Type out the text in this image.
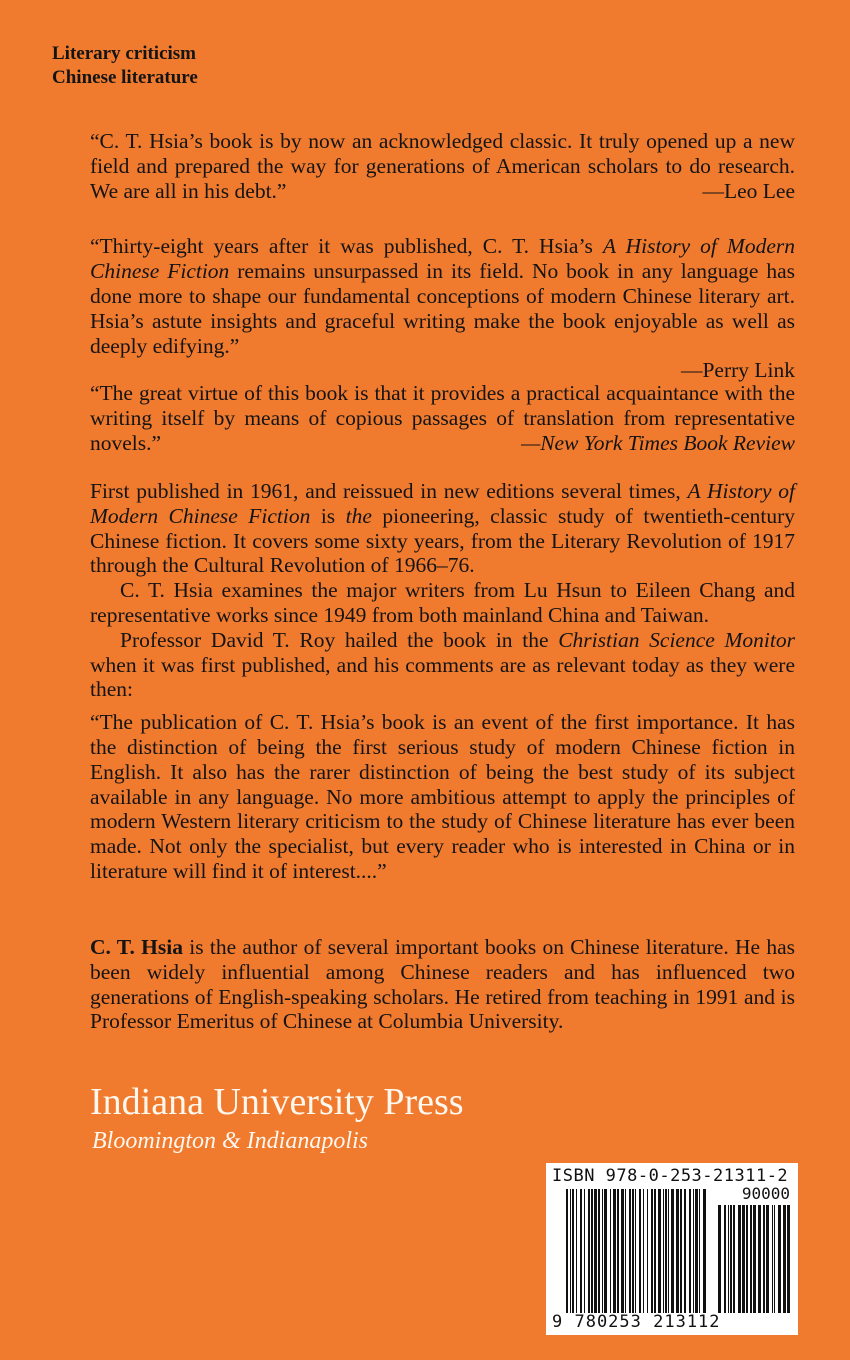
Literary criticism
Chinese literature

“C. T. Hsia’s book is by now an acknowledged classic. It truly opened up a new field and prepared the way for generations of American scholars to do research. We are all in his debt.”	—Leo Lee

“Thirty-eight years after it was published, C. T. Hsia’s A History of Modern Chinese Fiction remains unsurpassed in its field. No book in any language has done more to shape our fundamental conceptions of modern Chinese literary art. Hsia’s astute insights and graceful writing make the book enjoyable as well as deeply edifying.”
—Perry Link

“The great virtue of this book is that it provides a practical acquaintance with the writing itself by means of copious passages of translation from representative novels.”	—New York Times Book Review

First published in 1961, and reissued in new editions several times, A History of Modern Chinese Fiction is the pioneering, classic study of twentieth-century Chinese fiction. It covers some sixty years, from the Literary Revolution of 1917 through the Cultural Revolution of 1966–76.

C. T. Hsia examines the major writers from Lu Hsun to Eileen Chang and representative works since 1949 from both mainland China and Taiwan.

Professor David T. Roy hailed the book in the Christian Science Monitor when it was first published, and his comments are as relevant today as they were then:

“The publication of C. T. Hsia’s book is an event of the first importance. It has the distinction of being the first serious study of modern Chinese fiction in English. It also has the rarer distinction of being the best study of its subject available in any language. No more ambitious attempt to apply the principles of modern Western literary criticism to the study of Chinese literature has ever been made. Not only the specialist, but every reader who is interested in China or in literature will find it of interest....”

C. T. Hsia is the author of several important books on Chinese literature. He has been widely influential among Chinese readers and has influenced two generations of English-speaking scholars. He retired from teaching in 1991 and is Professor Emeritus of Chinese at Columbia University.

Indiana University Press
Bloomington & Indianapolis
ISBN 978-0-253-21311-2
90000
9 780253 213112
